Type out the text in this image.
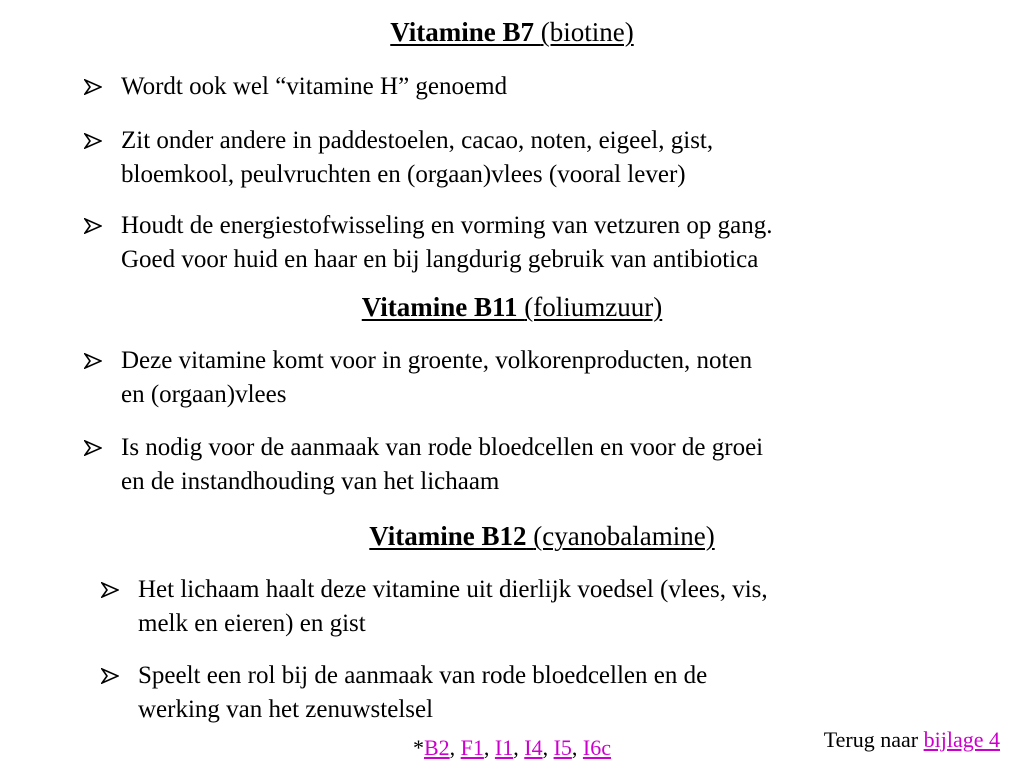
Vitamine B7 (biotine)
Vitamine B11 (foliumzuur)
Vitamine B12 (cyanobalamine)
Wordt ook wel “vitamine H” genoemd
Zit onder andere in paddestoelen, cacao, noten, eigeel, gist,
bloemkool, peulvruchten en (orgaan)vlees (vooral lever)
Houdt de energiestofwisseling en vorming van vetzuren op gang.
Goed voor huid en haar en bij langdurig gebruik van antibiotica
Deze vitamine komt voor in groente, volkorenproducten, noten
en (orgaan)vlees
Is nodig voor de aanmaak van rode bloedcellen en voor de groei
en de instandhouding van het lichaam
Het lichaam haalt deze vitamine uit dierlijk voedsel (vlees, vis,
melk en eieren) en gist
Speelt een rol bij de aanmaak van rode bloedcellen en de
werking van het zenuwstelsel
Terug naar bijlage 4
*B2, F1, I1, I4, I5, I6c
